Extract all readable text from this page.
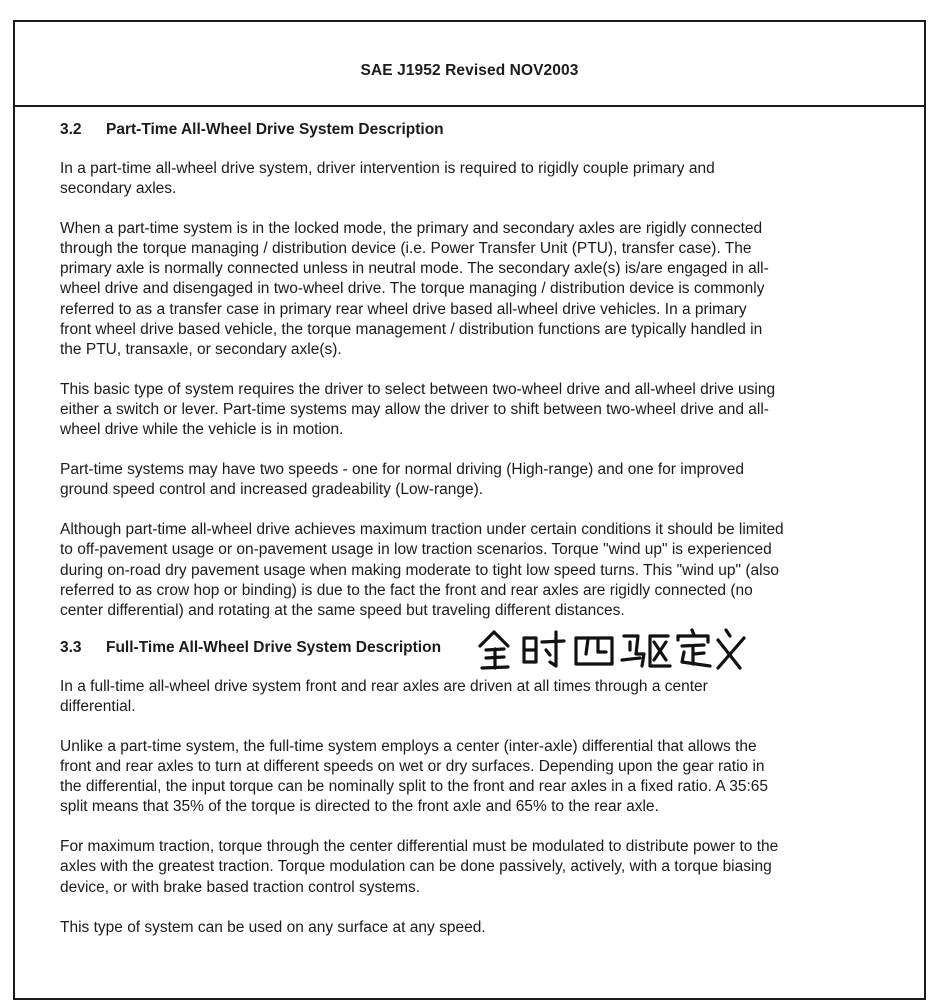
SAE J1952 Revised NOV2003
3.2 Part-Time All-Wheel Drive System Description
In a part-time all-wheel drive system, driver intervention is required to rigidly couple primary and
secondary axles.
When a part-time system is in the locked mode, the primary and secondary axles are rigidly connected
through the torque managing / distribution device (i.e. Power Transfer Unit (PTU), transfer case). The
primary axle is normally connected unless in neutral mode. The secondary axle(s) is/are engaged in all-
wheel drive and disengaged in two-wheel drive. The torque managing / distribution device is commonly
referred to as a transfer case in primary rear wheel drive based all-wheel drive vehicles. In a primary
front wheel drive based vehicle, the torque management / distribution functions are typically handled in
the PTU, transaxle, or secondary axle(s).
This basic type of system requires the driver to select between two-wheel drive and all-wheel drive using
either a switch or lever. Part-time systems may allow the driver to shift between two-wheel drive and all-
wheel drive while the vehicle is in motion.
Part-time systems may have two speeds - one for normal driving (High-range) and one for improved
ground speed control and increased gradeability (Low-range).
Although part-time all-wheel drive achieves maximum traction under certain conditions it should be limited
to off-pavement usage or on-pavement usage in low traction scenarios. Torque "wind up" is experienced
during on-road dry pavement usage when making moderate to tight low speed turns. This "wind up" (also
referred to as crow hop or binding) is due to the fact the front and rear axles are rigidly connected (no
center differential) and rotating at the same speed but traveling different distances.
3.3 Full-Time All-Wheel Drive System Description
In a full-time all-wheel drive system front and rear axles are driven at all times through a center
differential.
Unlike a part-time system, the full-time system employs a center (inter-axle) differential that allows the
front and rear axles to turn at different speeds on wet or dry surfaces. Depending upon the gear ratio in
the differential, the input torque can be nominally split to the front and rear axles in a fixed ratio. A 35:65
split means that 35% of the torque is directed to the front axle and 65% to the rear axle.
For maximum traction, torque through the center differential must be modulated to distribute power to the
axles with the greatest traction. Torque modulation can be done passively, actively, with a torque biasing
device, or with brake based traction control systems.
This type of system can be used on any surface at any speed.
